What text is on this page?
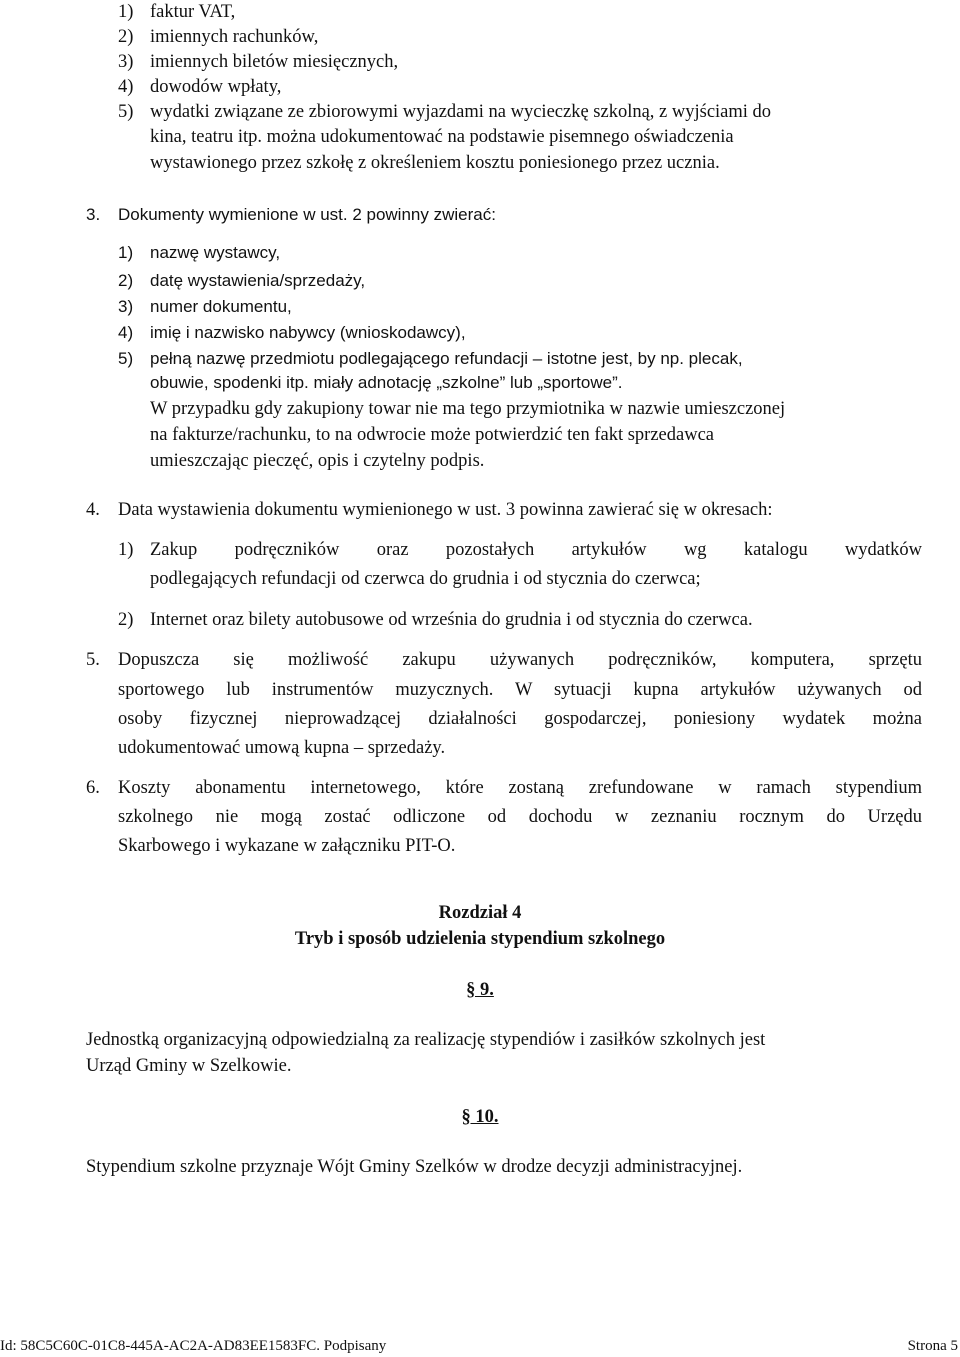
1) faktur VAT,
2) imiennych rachunków,
3) imiennych biletów miesięcznych,
4) dowodów wpłaty,
5) wydatki związane ze zbiorowymi wyjazdami na wycieczkę szkolną, z wyjściami do
kina, teatru itp. można udokumentować na podstawie pisemnego oświadczenia
wystawionego przez szkołę z określeniem kosztu poniesionego przez ucznia.
3. Dokumenty wymienione w ust. 2 powinny zwierać:
1) nazwę wystawcy,
2) datę wystawienia/sprzedaży,
3) numer dokumentu,
4) imię i nazwisko nabywcy (wnioskodawcy),
5) pełną nazwę przedmiotu podlegającego refundacji – istotne jest, by np. plecak,
obuwie, spodenki itp. miały adnotację „szkolne” lub „sportowe”.
W przypadku gdy zakupiony towar nie ma tego przymiotnika w nazwie umieszczonej
na fakturze/rachunku, to na odwrocie może potwierdzić ten fakt sprzedawca
umieszczając pieczęć, opis i czytelny podpis.
4. Data wystawienia dokumentu wymienionego w ust. 3 powinna zawierać się w okresach:
1) Zakup podręczników oraz pozostałych artykułów wg katalogu wydatków
podlegających refundacji od czerwca do grudnia i od stycznia do czerwca;
2) Internet oraz bilety autobusowe od września do grudnia i od stycznia do czerwca.
5. Dopuszcza się możliwość zakupu używanych podręczników, komputera, sprzętu
sportowego lub instrumentów muzycznych. W sytuacji kupna artykułów używanych od
osoby fizycznej nieprowadzącej działalności gospodarczej, poniesiony wydatek można
udokumentować umową kupna – sprzedaży.
6. Koszty abonamentu internetowego, które zostaną zrefundowane w ramach stypendium
szkolnego nie mogą zostać odliczone od dochodu w zeznaniu rocznym do Urzędu
Skarbowego i wykazane w załączniku PIT-O.
Rozdział 4
Tryb i sposób udzielenia stypendium szkolnego
§ 9.
Jednostką organizacyjną odpowiedzialną za realizację stypendiów i zasiłków szkolnych jest
Urząd Gminy w Szelkowie.
§ 10.
Stypendium szkolne przyznaje Wójt Gminy Szelków w drodze decyzji administracyjnej.
Id: 58C5C60C-01C8-445A-AC2A-AD83EE1583FC. Podpisany	Strona 5
